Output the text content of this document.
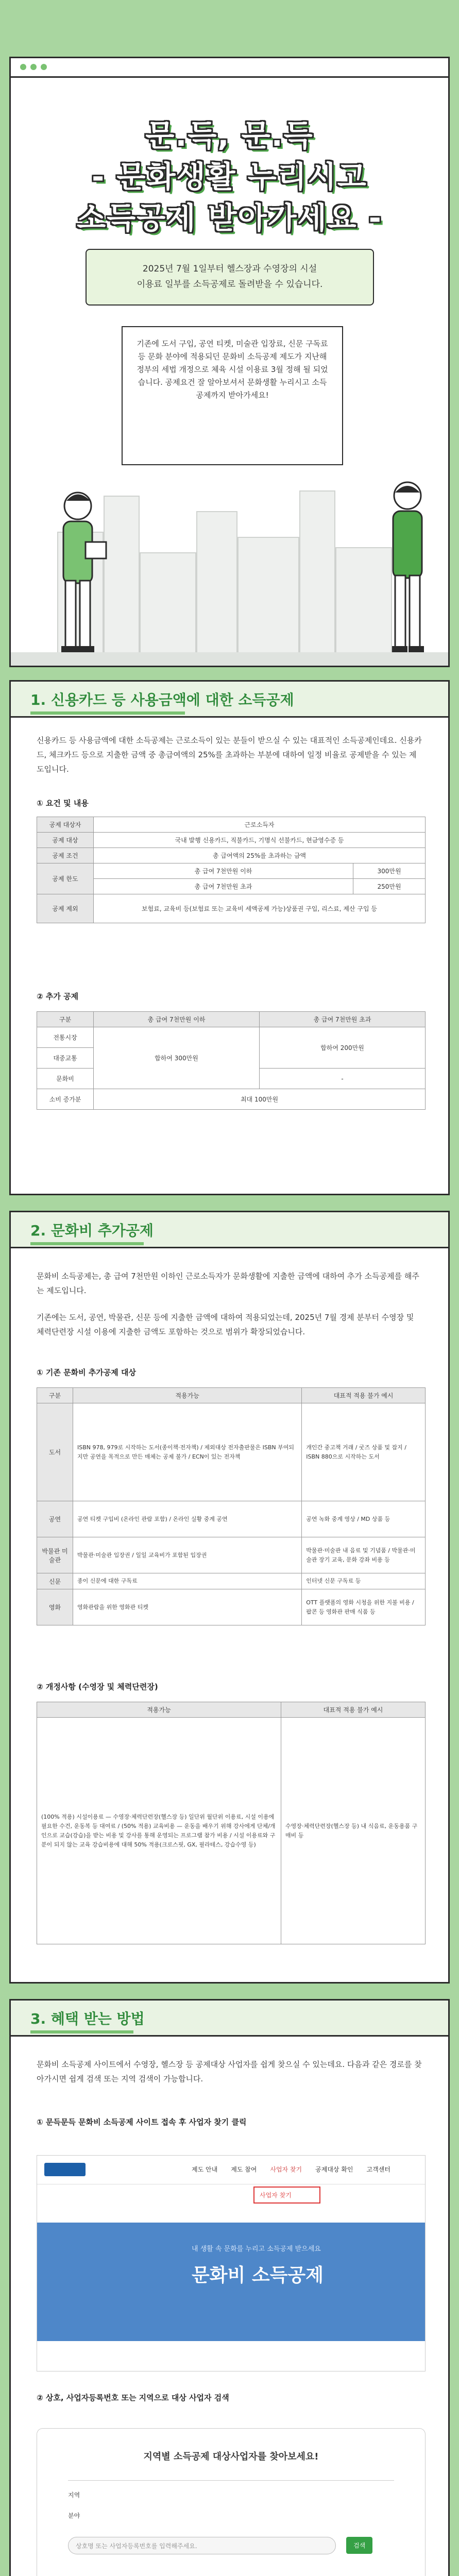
문.득, 문.득
- 문화생활 누리시고
소득공제 받아가세요 -
2025년 7월 1일부터 헬스장과 수영장의 시설
이용료 일부를 소득공제로 돌려받을 수 있습니다.
기존에 도서 구입, 공연 티켓, 미술관 입장료, 신문 구독료 등 문화 분야에 적용되던 문화비 소득공제 제도가 지난해 정부의 세법 개정으로 체육 시설 이용료 3월 정해 될 되었습니다. 공제요건 잘 알아보셔서 문화생활 누리시고 소득공제까지 받아가세요!
1. 신용카드 등 사용금액에 대한 소득공제
신용카드 등 사용금액에 대한 소득공제는 근로소득이 있는 분들이 받으실 수 있는 대표적인 소득공제인데요. 신용카드, 체크카드 등으로 지출한 금액 중 총급여액의 25%를 초과하는 부분에 대하여 일정 비율로 공제받을 수 있는 제도입니다.
① 요건 및 내용
공제 대상자	근로소득자	
공제 대상	국내 발행 신용카드, 직불카드, 기명식 선불카드, 현금영수증 등	
공제 조건	총 급여액의 25%를 초과하는 금액	
공제 한도	총 급여 7천만원 이하	300만원
	총 급여 7천만원 초과	250만원
공제 제외	보험료, 교육비 등(보험료 또는 교육비 세액공제 가능)상품권 구입, 리스료, 제산 구입 등	
② 추가 공제
구분	총 급여 7천만원 이하	총 급여 7천만원 초과
전통시장	합하여 300만원	합하여 200만원
대중교통		
문화비		-
소비 증가분	최대 100만원	
2. 문화비 추가공제
문화비 소득공제는, 총 급여 7천만원 이하인 근로소득자가 문화생활에 지출한 금액에 대하여 추가 소득공제를 해주는 제도입니다.
기존에는 도서, 공연, 박물관, 신문 등에 지출한 금액에 대하여 적용되었는데, 2025년 7월 경제 분부터 수영장 및 체력단련장 시설 이용에 지출한 금액도 포함하는 것으로 범위가 확장되었습니다.
① 기존 문화비 추가공제 대상
구분	적용가능	대표적 적용 불가 예시
도서	ISBN 978, 979로 시작하는 도서(종이책·전자책) / 제외대상 전자출판물은 ISBN 부여되지만 공연을 목적으로 만든 매체는 공제 불가 / ECN이 있는 전자책	개인간 중고책 거래 / 굿즈 상품 및 잡지 / ISBN 880으로 시작하는 도서
공연	공연 티켓 구입비 (온라인 관람 포함) / 온라인 실황 중계 공연	공연 녹화 중계 영상 / MD 상품 등
박물관 미술관	박물관·미술관 입장권 / 일일 교육비가 포함된 입장권	박물관·미술관 내 음료 및 기념품 / 박물관·미술관 장기 교육, 문화 강좌 비용 등
신문	종이 신문에 대한 구독료	인터넷 신문 구독료 등
영화	영화관람을 위한 영화관 티켓	OTT 플랫폼의 영화 시청을 위한 지불 비용 / 팝콘 등 영화관 판매 식품 등
② 개정사항 (수영장 및 체력단련장)
적용가능	대표적 적용 불가 예시
(100% 적용) 시설이용료 — 수영장·체력단련장(헬스장 등) 일단위 월단위 이용료, 시설 이용에 필요한 수건, 운동복 등 대여료 / (50% 적용) 교육비용 — 운동을 배우기 위해 강사에게 단체/개인으로 교습(강습)을 받는 비용 및 강사를 통해 운영되는 프로그램 참가 비용 / 시설 이용료와 구분이 되지 않는 교육 강습비용에 대해 50% 적용(크로스핏, GX, 필라테스, 강습수영 등)	수영장·체력단련장(헬스장 등) 내 식음료, 운동용품 구매비 등
3. 혜택 받는 방법
문화비 소득공제 사이트에서 수영장, 헬스장 등 공제대상 사업자를 쉽게 찾으실 수 있는데요. 다음과 같은 경로를 찾아가시면 쉽게 검색 또는 지역 검색이 가능합니다.
① 문득문득 문화비 소득공제 사이트 접속 후 사업자 찾기 클릭
제도 안내 제도 참여 사업자 찾기 공제대상 확인 고객센터
사업자 찾기
내 생활 속 문화를 누리고 소득공제 받으세요
문화비 소득공제
② 상호, 사업자등록번호 또는 지역으로 대상 사업자 검색
지역별 소득공제 대상사업자를 찾아보세요!
지역
분야
상호명 또는 사업자등록번호를 입력해주세요.	검색
